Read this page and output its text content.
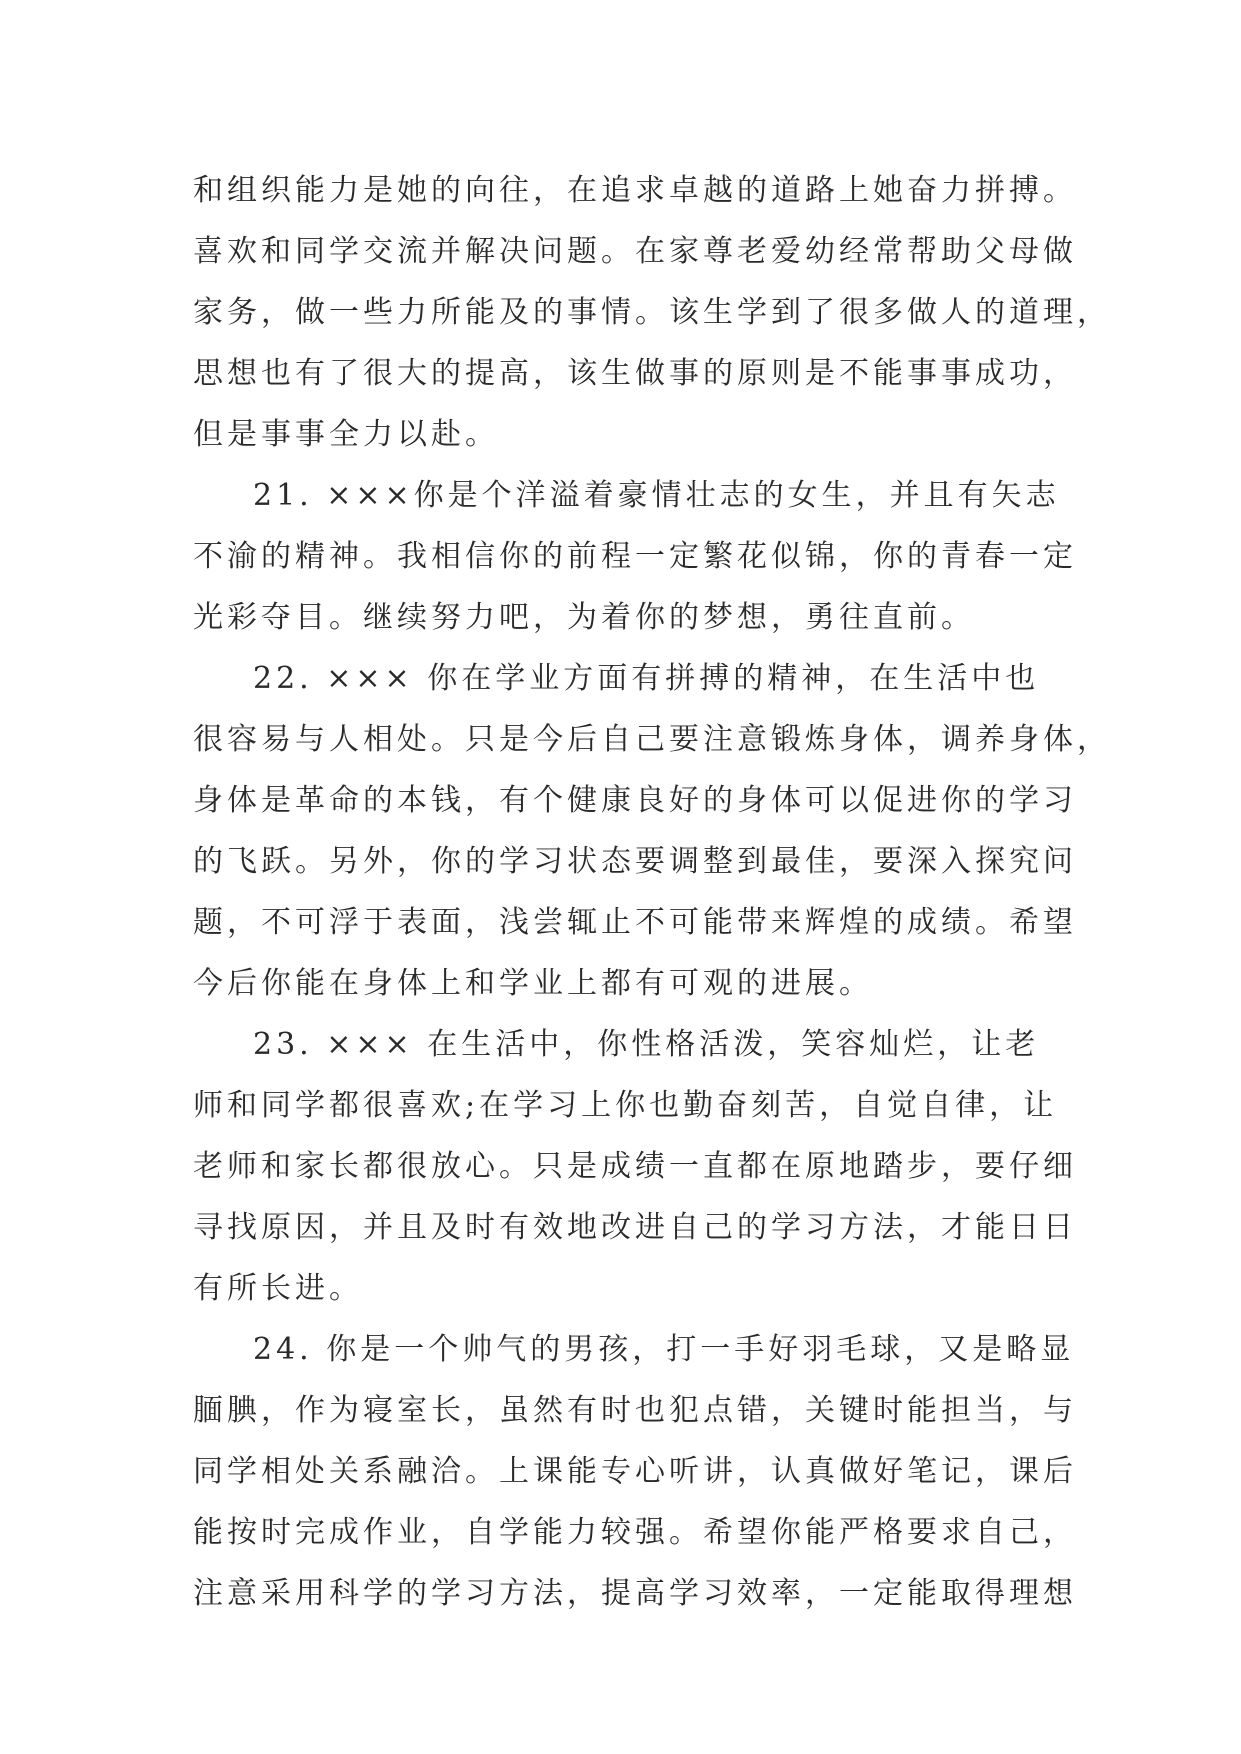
和组织能力是她的向往，在追求卓越的道路上她奋力拼搏。
喜欢和同学交流并解决问题。在家尊老爱幼经常帮助父母做
家务，做一些力所能及的事情。该生学到了很多做人的道理，
思想也有了很大的提高，该生做事的原则是不能事事成功，
但是事事全力以赴。
21. ×××你是个洋溢着豪情壮志的女生，并且有矢志
不渝的精神。我相信你的前程一定繁花似锦，你的青春一定
光彩夺目。继续努力吧，为着你的梦想，勇往直前。
22. ××× 你在学业方面有拼搏的精神，在生活中也
很容易与人相处。只是今后自己要注意锻炼身体，调养身体，
身体是革命的本钱，有个健康良好的身体可以促进你的学习
的飞跃。另外，你的学习状态要调整到最佳，要深入探究问
题，不可浮于表面，浅尝辄止不可能带来辉煌的成绩。希望
今后你能在身体上和学业上都有可观的进展。
23. ××× 在生活中，你性格活泼，笑容灿烂，让老
师和同学都很喜欢;在学习上你也勤奋刻苦，自觉自律，让
老师和家长都很放心。只是成绩一直都在原地踏步，要仔细
寻找原因，并且及时有效地改进自己的学习方法，才能日日
有所长进。
24. 你是一个帅气的男孩，打一手好羽毛球，又是略显
腼腆，作为寝室长，虽然有时也犯点错，关键时能担当，与
同学相处关系融洽。上课能专心听讲，认真做好笔记，课后
能按时完成作业，自学能力较强。希望你能严格要求自己，
注意采用科学的学习方法，提高学习效率，一定能取得理想
